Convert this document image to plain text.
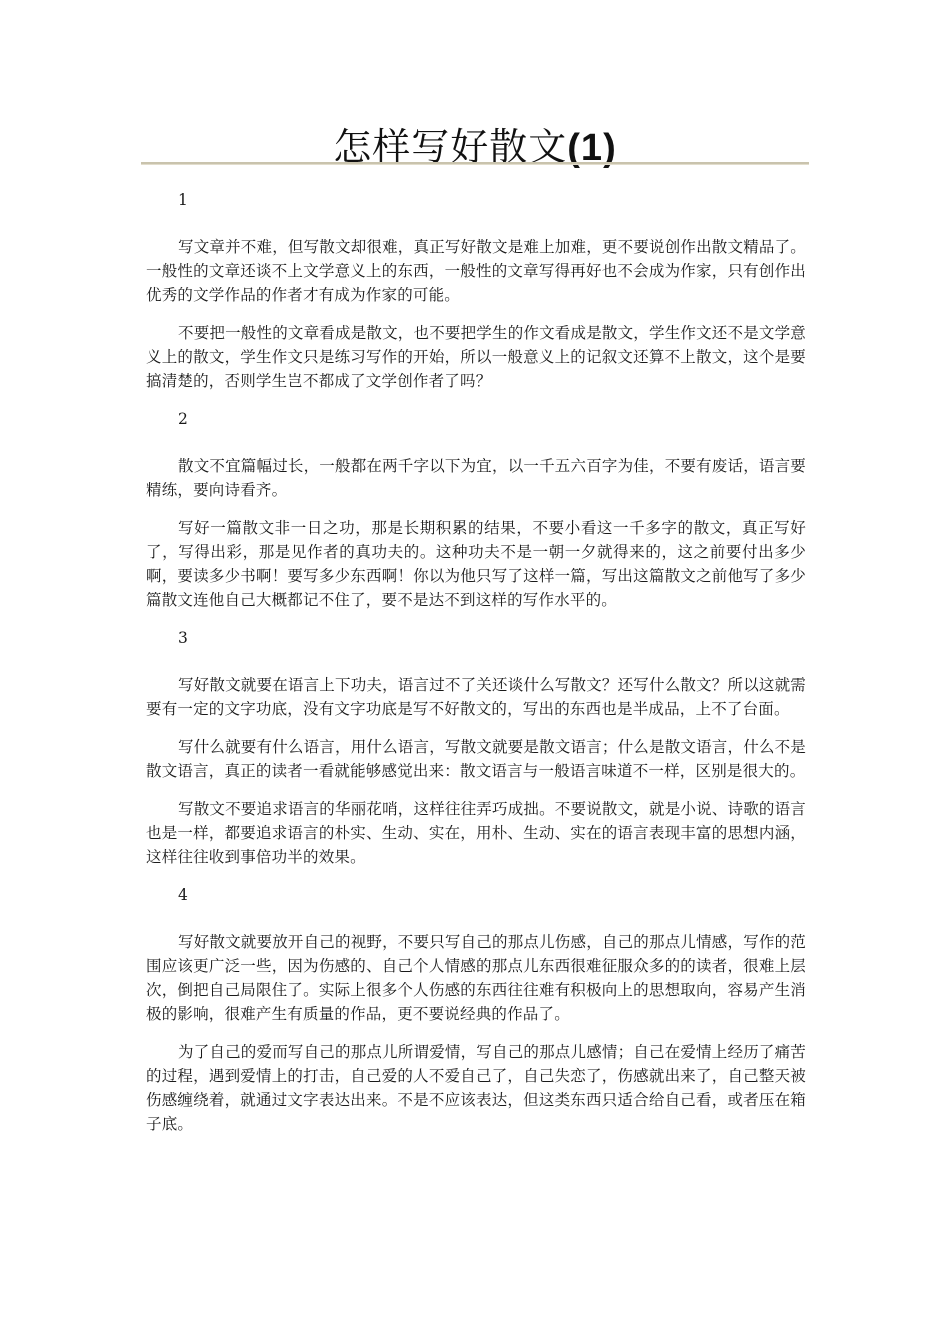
怎样写好散文(1)

1

写文章并不难，但写散文却很难，真正写好散文是难上加难，更不要说创作出散文精品了。一般性的文章还谈不上文学意义上的东西，一般性的文章写得再好也不会成为作家，只有创作出优秀的文学作品的作者才有成为作家的可能。

不要把一般性的文章看成是散文，也不要把学生的作文看成是散文，学生作文还不是文学意义上的散文，学生作文只是练习写作的开始，所以一般意义上的记叙文还算不上散文，这个是要搞清楚的，否则学生岂不都成了文学创作者了吗？

2

散文不宜篇幅过长，一般都在两千字以下为宜，以一千五六百字为佳，不要有废话，语言要精练，要向诗看齐。

写好一篇散文非一日之功，那是长期积累的结果，不要小看这一千多字的散文，真正写好了，写得出彩，那是见作者的真功夫的。这种功夫不是一朝一夕就得来的，这之前要付出多少啊，要读多少书啊！要写多少东西啊！你以为他只写了这样一篇，写出这篇散文之前他写了多少篇散文连他自己大概都记不住了，要不是达不到这样的写作水平的。

3

写好散文就要在语言上下功夫，语言过不了关还谈什么写散文？还写什么散文？所以这就需要有一定的文字功底，没有文字功底是写不好散文的，写出的东西也是半成品，上不了台面。

写什么就要有什么语言，用什么语言，写散文就要是散文语言；什么是散文语言，什么不是散文语言，真正的读者一看就能够感觉出来：散文语言与一般语言味道不一样，区别是很大的。

写散文不要追求语言的华丽花哨，这样往往弄巧成拙。不要说散文，就是小说、诗歌的语言也是一样，都要追求语言的朴实、生动、实在，用朴、生动、实在的语言表现丰富的思想内涵，这样往往收到事倍功半的效果。

4

写好散文就要放开自己的视野，不要只写自己的那点儿伤感，自己的那点儿情感，写作的范围应该更广泛一些，因为伤感的、自己个人情感的那点儿东西很难征服众多的的读者，很难上层次，倒把自己局限住了。实际上很多个人伤感的东西往往难有积极向上的思想取向，容易产生消极的影响，很难产生有质量的作品，更不要说经典的作品了。

为了自己的爱而写自己的那点儿所谓爱情，写自己的那点儿感情；自己在爱情上经历了痛苦的过程，遇到爱情上的打击，自己爱的人不爱自己了，自己失恋了，伤感就出来了，自己整天被伤感缠绕着，就通过文字表达出来。不是不应该表达，但这类东西只适合给自己看，或者压在箱子底。
